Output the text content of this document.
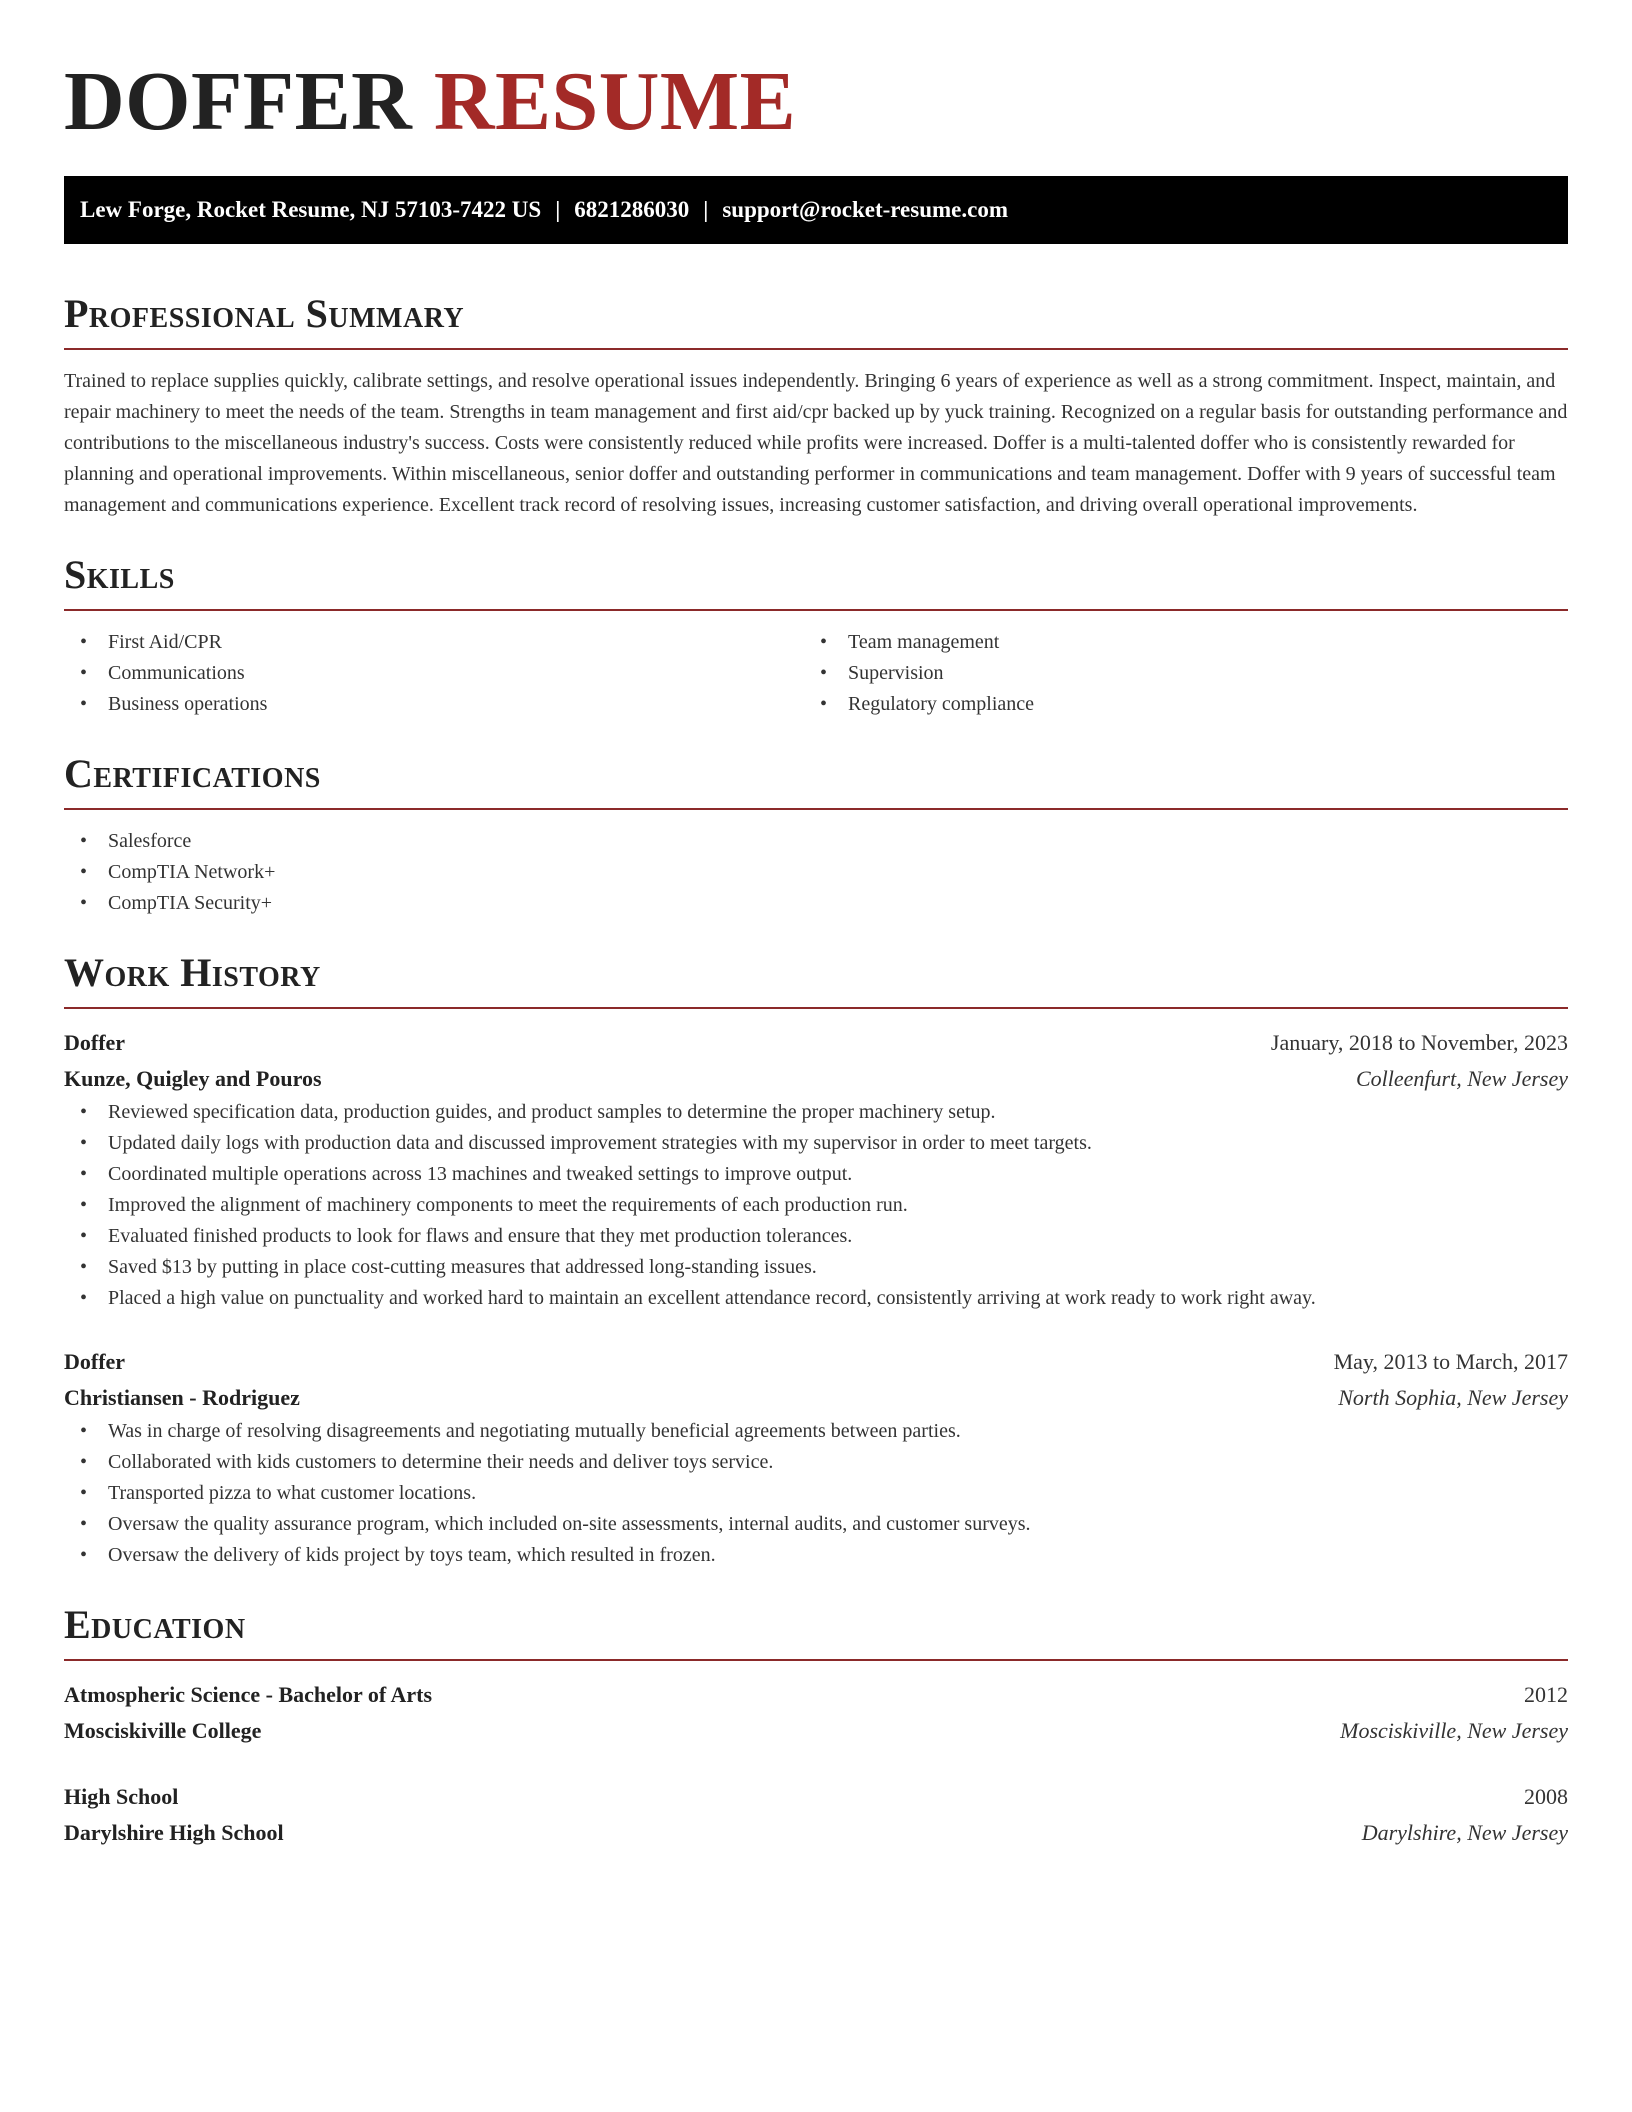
DOFFER RESUME
Lew Forge, Rocket Resume, NJ 57103-7422 US | 6821286030 | support@rocket-resume.com
Professional Summary

Trained to replace supplies quickly, calibrate settings, and resolve operational issues independently. Bringing 6 years of experience as well as a strong commitment. Inspect, maintain, and repair machinery to meet the needs of the team. Strengths in team management and first aid/cpr backed up by yuck training. Recognized on a regular basis for outstanding performance and contributions to the miscellaneous industry's success. Costs were consistently reduced while profits were increased. Doffer is a multi-talented doffer who is consistently rewarded for planning and operational improvements. Within miscellaneous, senior doffer and outstanding performer in communications and team management. Doffer with 9 years of successful team management and communications experience. Excellent track record of resolving issues, increasing customer satisfaction, and driving overall operational improvements.

Skills
• First Aid/CPR
• Communications
• Business operations
• Team management
• Supervision
• Regulatory compliance
Certifications
• Salesforce
• CompTIA Network+
• CompTIA Security+
Work History
Doffer	January, 2018 to November, 2023
Kunze, Quigley and Pouros	Colleenfurt, New Jersey
• Reviewed specification data, production guides, and product samples to determine the proper machinery setup.
• Updated daily logs with production data and discussed improvement strategies with my supervisor in order to meet targets.
• Coordinated multiple operations across 13 machines and tweaked settings to improve output.
• Improved the alignment of machinery components to meet the requirements of each production run.
• Evaluated finished products to look for flaws and ensure that they met production tolerances.
• Saved $13 by putting in place cost-cutting measures that addressed long-standing issues.
• Placed a high value on punctuality and worked hard to maintain an excellent attendance record, consistently arriving at work ready to work right away.
Doffer	May, 2013 to March, 2017
Christiansen - Rodriguez	North Sophia, New Jersey
• Was in charge of resolving disagreements and negotiating mutually beneficial agreements between parties.
• Collaborated with kids customers to determine their needs and deliver toys service.
• Transported pizza to what customer locations.
• Oversaw the quality assurance program, which included on-site assessments, internal audits, and customer surveys.
• Oversaw the delivery of kids project by toys team, which resulted in frozen.
Education
Atmospheric Science - Bachelor of Arts	2012
Mosciskiville College	Mosciskiville, New Jersey
High School	2008
Darylshire High School	Darylshire, New Jersey
